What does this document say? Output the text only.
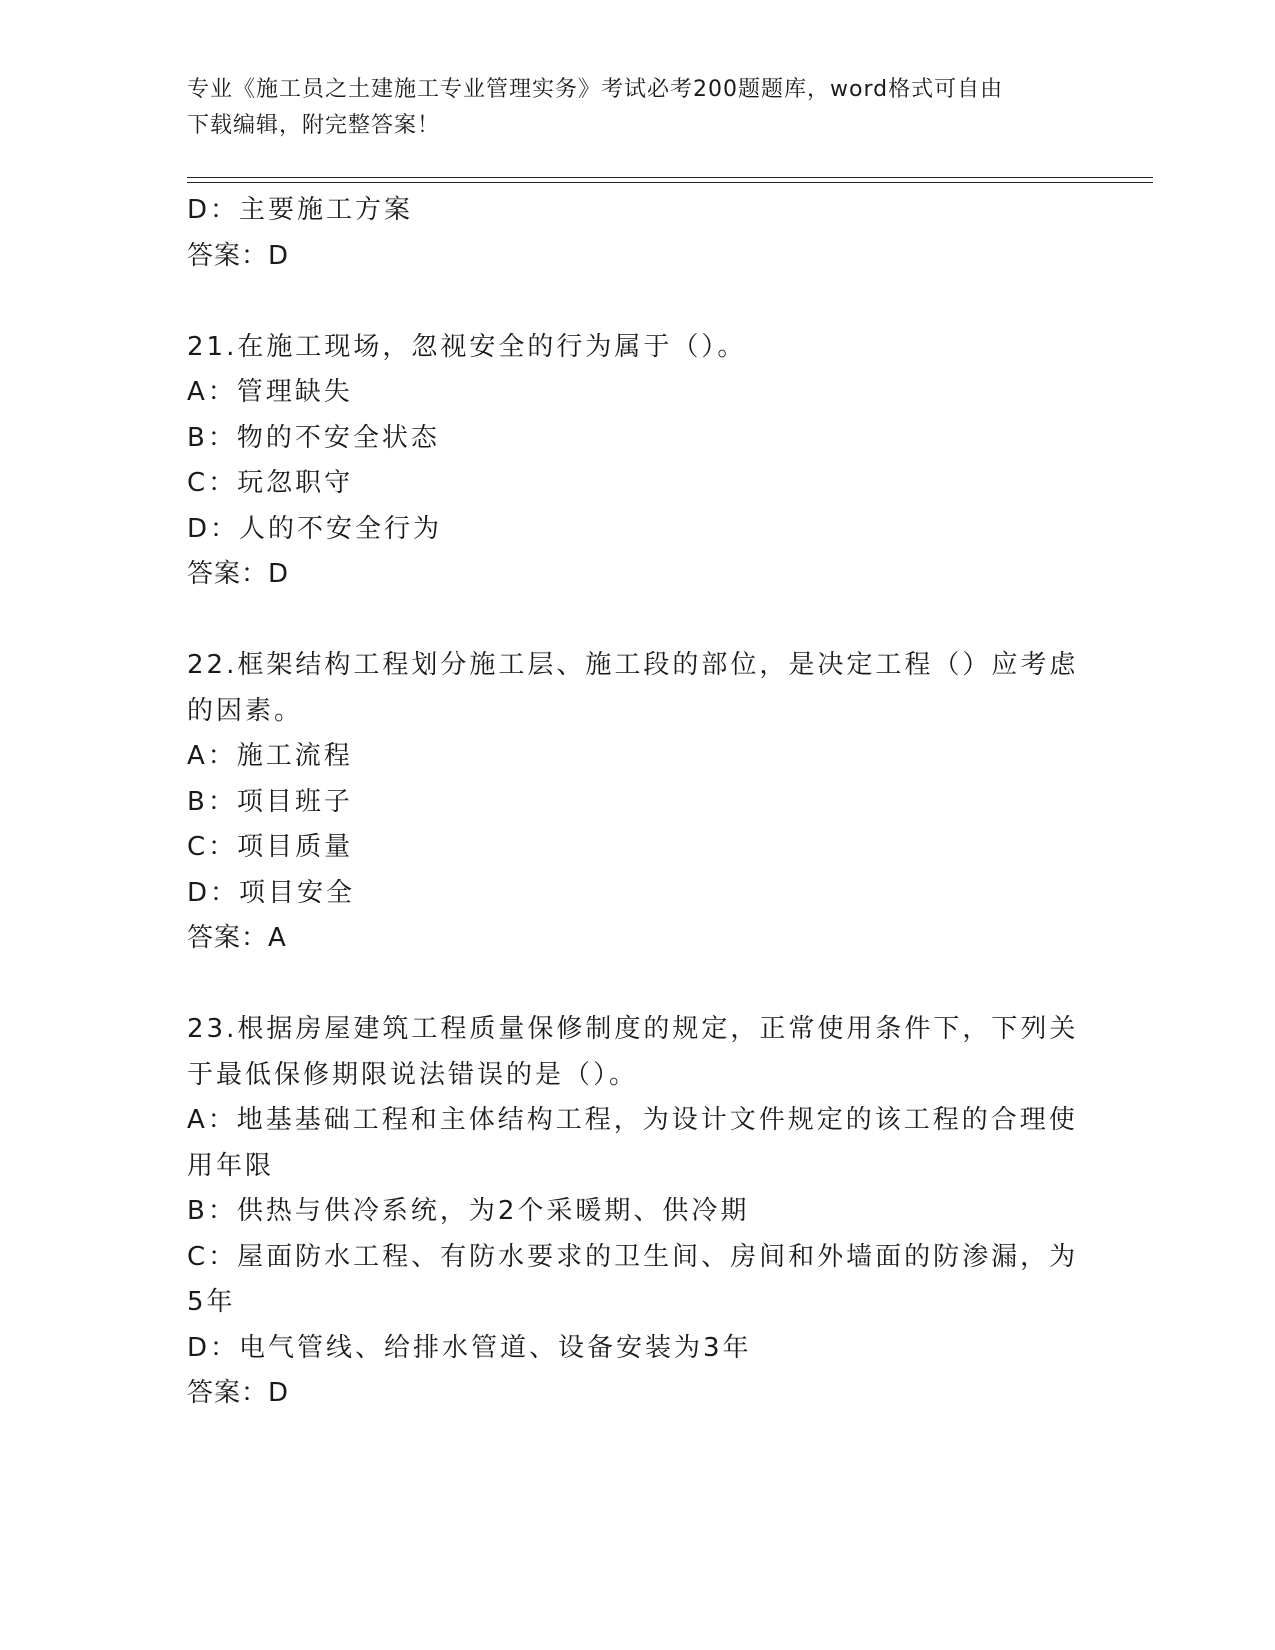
专业《施工员之土建施工专业管理实务》考试必考200题题库，word格式可自由
下载编辑，附完整答案！
D：主要施工方案
答案：D
21.在施工现场，忽视安全的行为属于（）。
A：管理缺失
B：物的不安全状态
C：玩忽职守
D：人的不安全行为
答案：D
22.框架结构工程划分施工层、施工段的部位，是决定工程（）应考虑
的因素。
A：施工流程
B：项目班子
C：项目质量
D：项目安全
答案：A
23.根据房屋建筑工程质量保修制度的规定，正常使用条件下，下列关
于最低保修期限说法错误的是（）。
A：地基基础工程和主体结构工程，为设计文件规定的该工程的合理使
用年限
B：供热与供冷系统，为2个采暖期、供冷期
C：屋面防水工程、有防水要求的卫生间、房间和外墙面的防渗漏，为
5年
D：电气管线、给排水管道、设备安装为3年
答案：D
